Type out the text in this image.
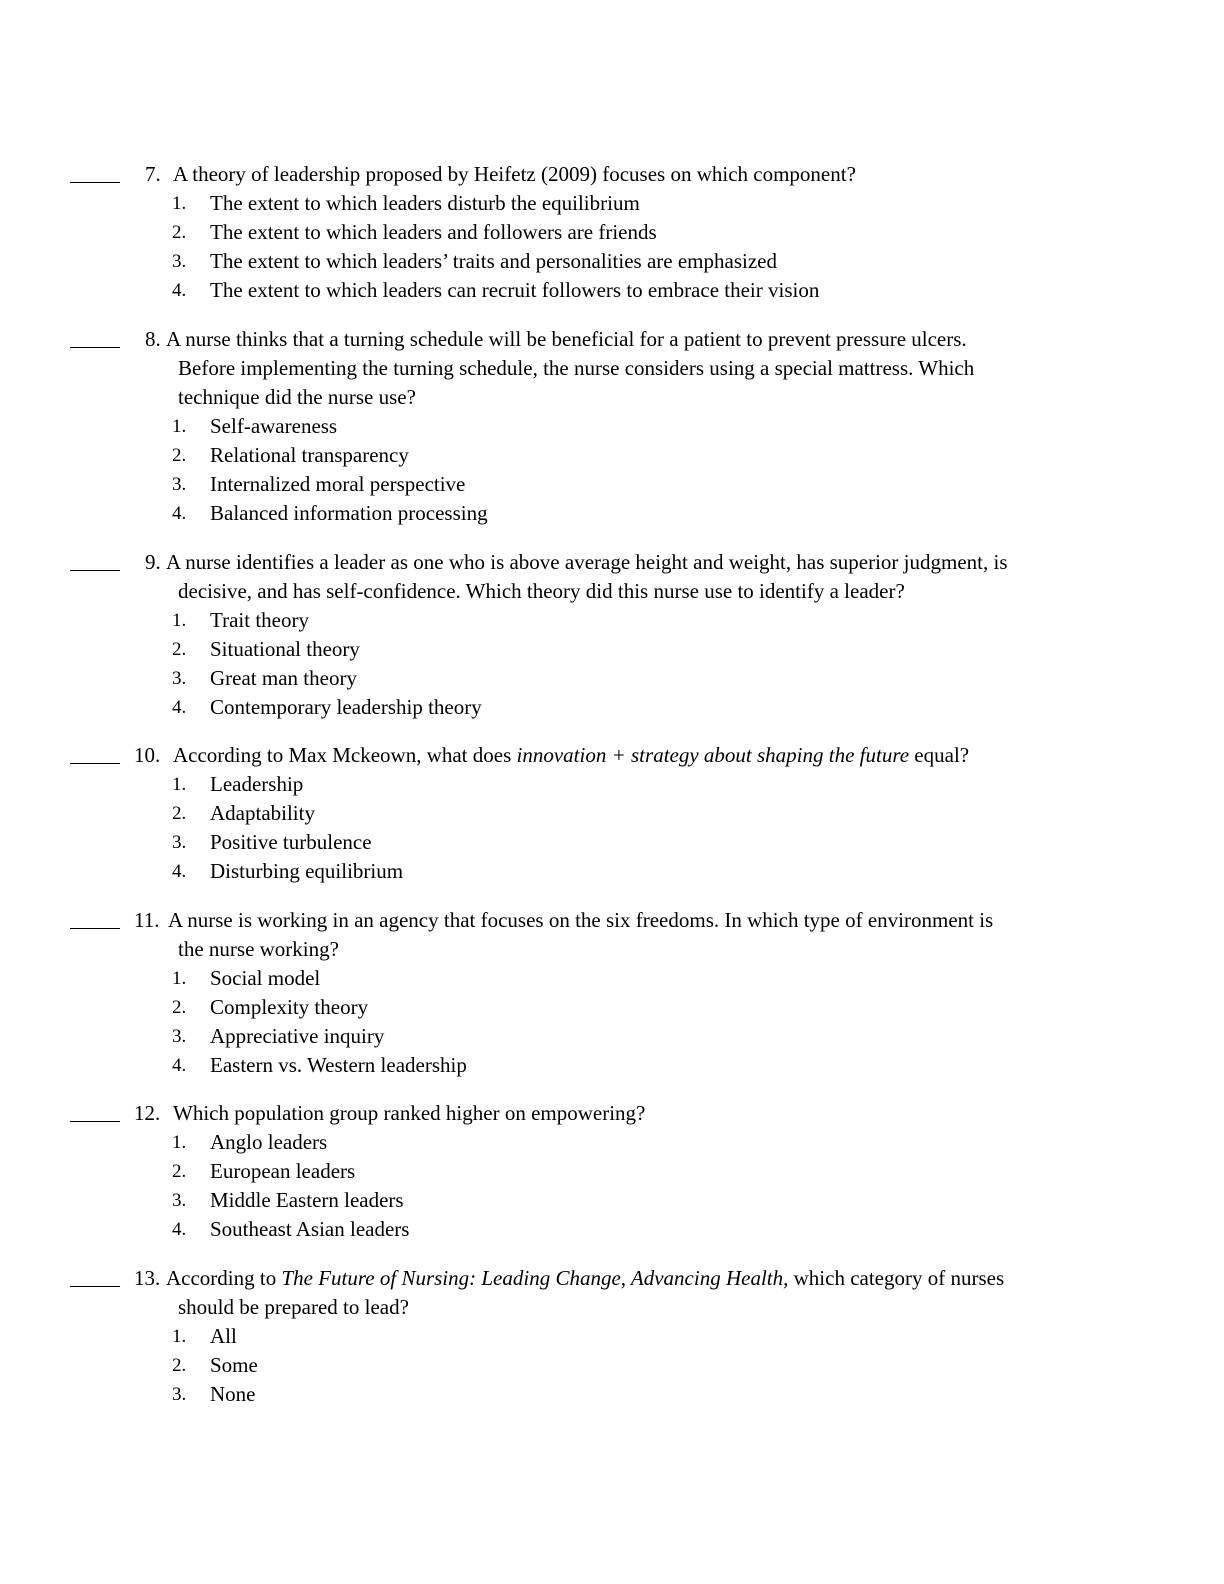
7. A theory of leadership proposed by Heifetz (2009) focuses on which component?
1. The extent to which leaders disturb the equilibrium
2. The extent to which leaders and followers are friends
3. The extent to which leaders’ traits and personalities are emphasized
4. The extent to which leaders can recruit followers to embrace their vision
8. A nurse thinks that a turning schedule will be beneficial for a patient to prevent pressure ulcers.
Before implementing the turning schedule, the nurse considers using a special mattress. Which
technique did the nurse use?
1. Self-awareness
2. Relational transparency
3. Internalized moral perspective
4. Balanced information processing
9. A nurse identifies a leader as one who is above average height and weight, has superior judgment, is
decisive, and has self-confidence. Which theory did this nurse use to identify a leader?
1. Trait theory
2. Situational theory
3. Great man theory
4. Contemporary leadership theory
10. According to Max Mckeown, what does innovation + strategy about shaping the future equal?
1. Leadership
2. Adaptability
3. Positive turbulence
4. Disturbing equilibrium
11. A nurse is working in an agency that focuses on the six freedoms. In which type of environment is
the nurse working?
1. Social model
2. Complexity theory
3. Appreciative inquiry
4. Eastern vs. Western leadership
12. Which population group ranked higher on empowering?
1. Anglo leaders
2. European leaders
3. Middle Eastern leaders
4. Southeast Asian leaders
13. According to The Future of Nursing: Leading Change, Advancing Health, which category of nurses
should be prepared to lead?
1. All
2. Some
3. None
